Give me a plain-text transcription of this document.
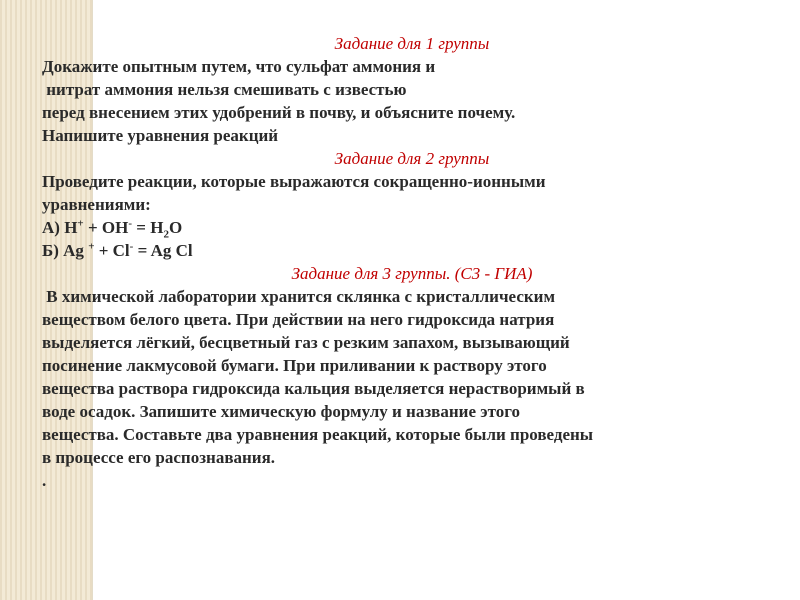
Задание для 1 группы
Докажите опытным путем, что сульфат аммония и
нитрат аммония нельзя смешивать с известью
перед внесением этих удобрений в почву, и объясните почему.
Напишите уравнения реакций
Задание для 2 группы
Проведите реакции, которые выражаются сокращенно-ионными
уравнениями:
А) $Н^+ + ОН^- = Н_2О$
Б) Ag + + Cl- = Ag Cl
Задание для 3 группы. (С3 - ГИА)
В химической лаборатории хранится склянка с кристаллическим
веществом белого цвета. При действии на него гидроксида натрия
выделяется лёгкий, бесцветный газ с резким запахом, вызывающий
посинение лакмусовой бумаги. При приливании к раствору этого
вещества раствора гидроксида кальция выделяется нерастворимый в
воде осадок. Запишите химическую формулу и название этого
вещества. Составьте два уравнения реакций, которые были проведены
в процессе его распознавания.
.
